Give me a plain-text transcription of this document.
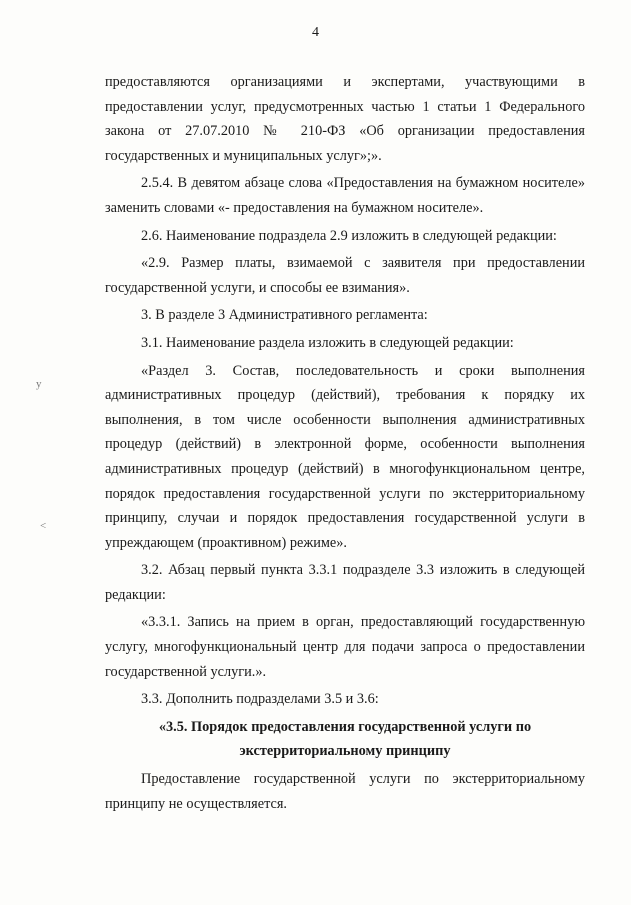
4
у
<

предоставляются организациями и экспертами, участвующими в предоставлении услуг, предусмотренных частью 1 статьи 1 Федерального закона от 27.07.2010 № 210-ФЗ «Об организации предоставления государственных и муниципальных услуг»;».

2.5.4. В девятом абзаце слова «Предоставления на бумажном носителе» заменить словами «- предоставления на бумажном носителе».

2.6. Наименование подраздела 2.9 изложить в следующей редакции:

«2.9. Размер платы, взимаемой с заявителя при предоставлении государственной услуги, и способы ее взимания».

3. В разделе 3 Административного регламента:

3.1. Наименование раздела изложить в следующей редакции:

«Раздел 3. Состав, последовательность и сроки выполнения административных процедур (действий), требования к порядку их выполнения, в том числе особенности выполнения административных процедур (действий) в электронной форме, особенности выполнения административных процедур (действий) в многофункциональном центре, порядок предоставления государственной услуги по экстерриториальному принципу, случаи и порядок предоставления государственной услуги в упреждающем (проактивном) режиме».

3.2. Абзац первый пункта 3.3.1 подразделе 3.3 изложить в следующей редакции:

«3.3.1. Запись на прием в орган, предоставляющий государственную услугу, многофункциональный центр для подачи запроса о предоставлении государственной услуги.».

3.3. Дополнить подразделами 3.5 и 3.6:

«3.5. Порядок предоставления государственной услуги по

экстерриториальному принципу

Предоставление государственной услуги по экстерриториальному принципу не осуществляется.
